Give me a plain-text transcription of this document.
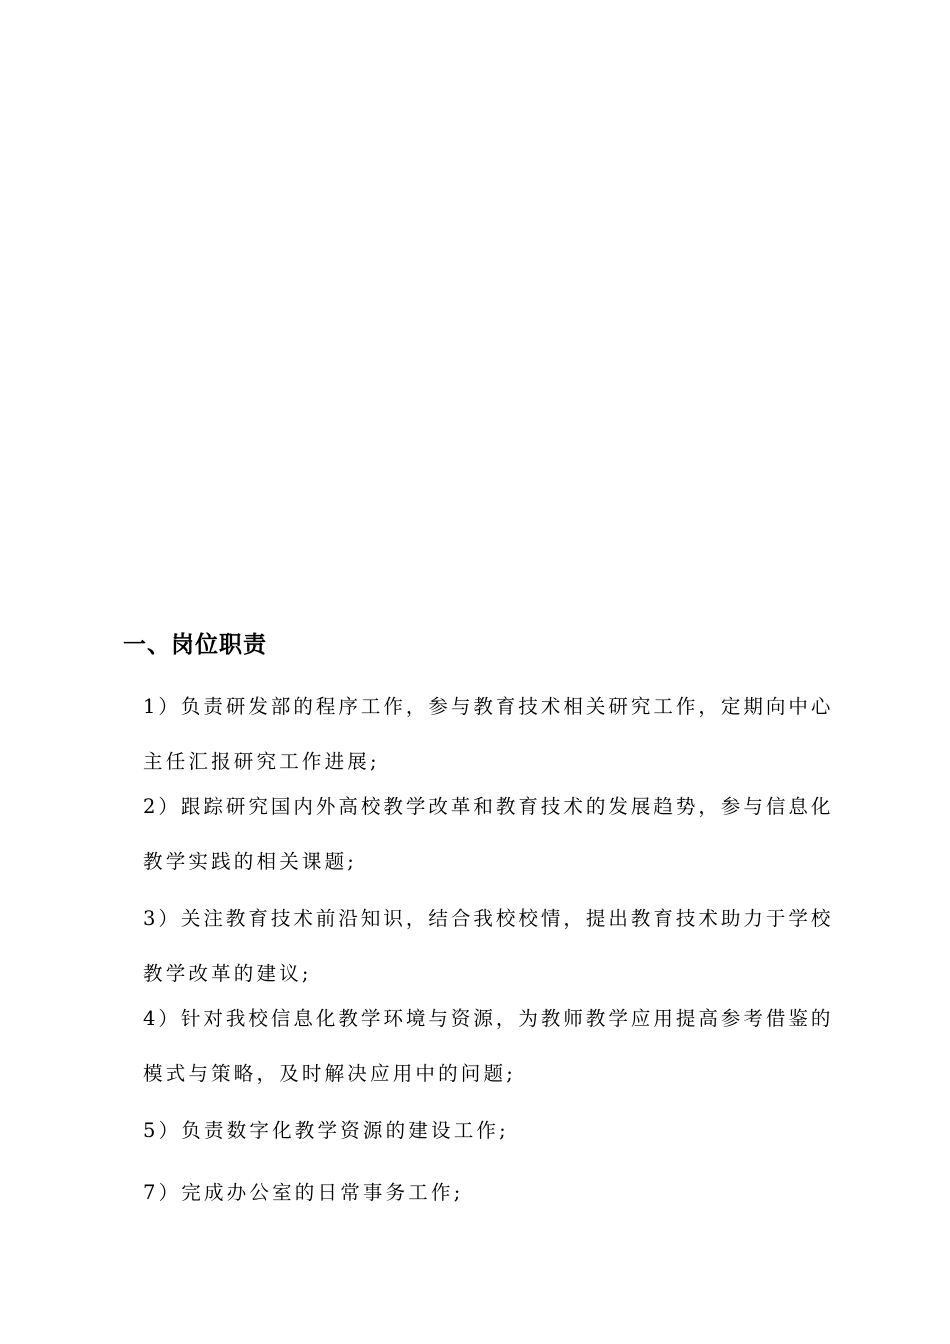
一、岗位职责
1）负责研发部的程序工作，参与教育技术相关研究工作，定期向中心
主任汇报研究工作进展;
2）跟踪研究国内外高校教学改革和教育技术的发展趋势，参与信息化
教学实践的相关课题;
3）关注教育技术前沿知识，结合我校校情，提出教育技术助力于学校
教学改革的建议;
4）针对我校信息化教学环境与资源，为教师教学应用提高参考借鉴的
模式与策略，及时解决应用中的问题;
5）负责数字化教学资源的建设工作;
7）完成办公室的日常事务工作;
